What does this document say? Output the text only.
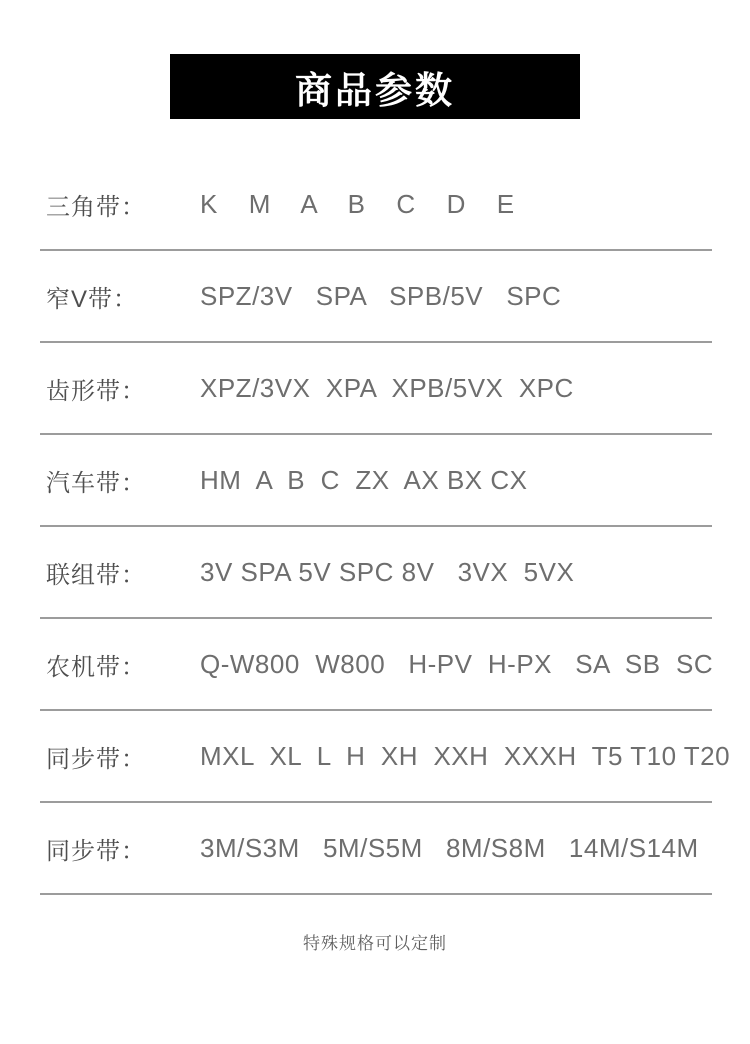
商品参数
三角带：	K    M    A    B    C    D    E
窄V带：	SPZ/3V   SPA   SPB/5V   SPC
齿形带：	XPZ/3VX  XPA  XPB/5VX  XPC
汽车带：	HM  A  B  C  ZX  AX BX CX
联组带：	3V SPA 5V SPC 8V   3VX  5VX
农机带：	Q-W800  W800   H-PV  H-PX   SA  SB  SC
同步带：	MXL  XL  L  H  XH  XXH  XXXH  T5 T10 T20
同步带：	3M/S3M   5M/S5M   8M/S8M   14M/S14M
特殊规格可以定制
